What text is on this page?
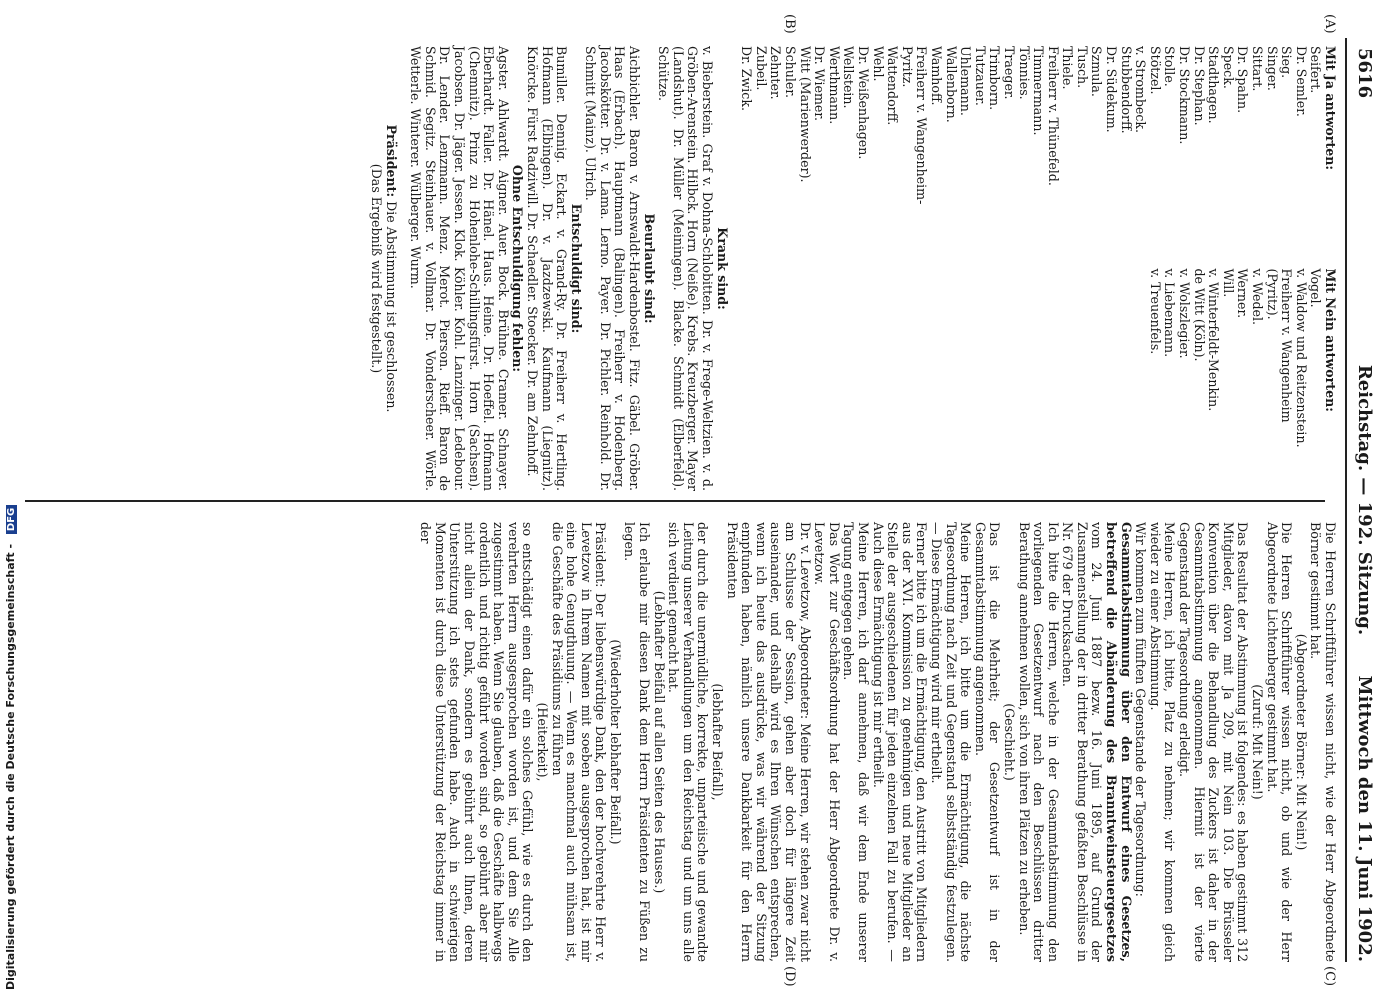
5616
Reichstag. — 192. Sitzung.
Mittwoch den 11. Juni 1902.
(A)
(B)
(C)
(D)
Mit Ja antworten:
Seifert.
Dr. Semler.
Sieg.
Singer.
Sittart.
Dr. Spahn.
Speck.
Stadthagen.
Dr. Stephan.
Dr. Stockmann.
Stolle.
Stötzel.
v. Strombeck.
Stubbendorff.
Dr. Südekum.
Szmula.
Tusch.
Thiele.
Freiherr v. Thünefeld.
Timmermann.
Tönnies.
Traeger.
Trimborn.
Tutzauer.
Uhlemann.
Wallenborn.
Wamhoff.
Freiherr v. Wangenheim-
Pyritz.
Wattendorff.
Wehl.
Dr. Weißenhagen.
Wellstein.
Werthmann.
Dr. Wiemer.
Witt (Marienwerder).
Schuler.
Zehnter.
Zubeil.
Dr. Zwick.
Mit Nein antworten:
Vogel.
v. Waldow und Reitzenstein.
Freiherr v. Wangenheim
(Pyritz).
v. Wedel.
Werner.
Will.
v. Winterfeldt-Menkin.
de Witt (Köln).
v. Wolszlegier.
v. Liebemann.
v. Treuenfels.
Krank sind:
v. Bieberstein. Graf v. Dohna-Schlobitten. Dr. v. Frege-Weltzien. v. d. Gröben-Arenstein. Hilbck. Horn (Neiße). Krebs. Kreuzberger. Mayer (Landshut). Dr. Müller (Meiningen). Blacke. Schmidt (Elberfeld). Schütze.
Beurlaubt sind:
Aichbichler. Baron v. Arnswaldt-Hardenbostel. Fitz. Gäbel. Gröber. Haas (Erbach). Hauptmann (Balingen). Freiherr v. Hodenberg. Jacobskötter. Dr. v. Lama. Lerno. Payer. Dr. Pichler. Reinhold. Dr. Schmitt (Mainz). Ulrich.
Entschuldigt sind:
Bumiller. Dennig. Eckart. v. Grand-Ry. Dr. Freiherr v. Hertling. Hofmann (Elbingen). Dr. v. Jazdzewski. Kaufmann (Liegnitz). Knörcke. Fürst Radziwill. Dr. Schaedler. Stoecker. Dr. am Zehnhoff.
Ohne Entschuldigung fehlen:
Agster. Ahlwardt. Aigner. Auer. Bock. Brühne. Cramer. Schnayer. Eberhardt. Faller. Dr. Hänel. Haus. Heine. Dr. Hoeffel. Hofmann (Chemnitz). Prinz zu Hohenlohe-Schillingsfürst. Horn (Sachsen). Jacobsen. Dr. Jäger. Jessen. Klok. Köhler. Kohl. Lanzinger. Ledebour. Dr. Lender. Lenzmann. Menz. Merot. Pierson. Rieff. Baron de Schmid. Segitz. Steinhauer. v. Vollmar. Dr. Vonderscheer. Wörle. Wetterle. Winterer. Wülberger. Wurm.
Präsident: Die Abstimmung ist geschlossen.
(Das Ergebniß wird festgestellt.)
Die Herren Schriftführer wissen nicht, wie der Herr Abgeordnete Börner gestimmt hat.
(Abgeordneter Börner: Mit Nein!)
Die Herren Schriftführer wissen nicht, ob und wie der Herr Abgeordnete Lichtenberger gestimmt hat.
(Zuruf: Mit Nein!)
Das Resultat der Abstimmung ist folgendes: es haben gestimmt 312 Mitglieder, davon mit Ja 209, mit Nein 103. Die Brüsseler Konvention über die Behandlung des Zuckers ist daher in der Gesammtabstimmung angenommen. Hiermit ist der vierte Gegenstand der Tagesordnung erledigt.
Meine Herren, ich bitte, Platz zu nehmen; wir kommen gleich wieder zu einer Abstimmung.
Wir kommen zum fünften Gegenstande der Tagesordnung:
Gesammtabstimmung über den Entwurf eines Gesetzes, betreffend die Abänderung des Branntweinsteuergesetzes vom 24. Juni 1887 bezw. 16. Juni 1895, auf Grund der Zusammenstellung der in dritter Berathung gefaßten Beschlüsse in Nr. 679 der Drucksachen.
Ich bitte die Herren, welche in der Gesammtabstimmung den vorliegenden Gesetzentwurf nach den Beschlüssen dritter Berathung annehmen wollen, sich von ihren Plätzen zu erheben.
(Geschieht.)
Das ist die Mehrheit; der Gesetzentwurf ist in der Gesammtabstimmung angenommen.
Meine Herren, ich bitte um die Ermächtigung, die nächste Tagesordnung nach Zeit und Gegenstand selbstständig festzulegen. — Diese Ermächtigung wird mir ertheilt.
Ferner bitte ich um die Ermächtigung, den Austritt von Mitgliedern aus der XVI. Kommission zu genehmigen und neue Mitglieder an Stelle der ausgeschiedenen für jeden einzelnen Fall zu berufen. — Auch diese Ermächtigung ist mir ertheilt.
Meine Herren, ich darf annehmen, daß wir dem Ende unserer Tagung entgegen gehen.
Das Wort zur Geschäftsordnung hat der Herr Abgeordnete Dr. v. Levetzow.
Dr. v. Levetzow, Abgeordneter: Meine Herren, wir stehen zwar nicht am Schlusse der Session, gehen aber doch für längere Zeit auseinander, und deshalb wird es Ihren Wünschen entsprechen, wenn ich heute das ausdrücke, was wir während der Sitzung empfunden haben, nämlich unsere Dankbarkeit für den Herrn Präsidenten
(lebhafter Beifall),
der durch die unermüdliche, korrekte, unparteiische und gewandte Leitung unserer Verhandlungen um den Reichstag und um uns alle sich verdient gemacht hat.
(Lebhafter Beifall auf allen Seiten des Hauses.)
Ich erlaube mir diesen Dank dem Herrn Präsidenten zu Füßen zu legen.
(Wiederholter lebhafter Beifall.)
Präsident: Der liebenswürdige Dank, den der hochverehrte Herr v. Levetzow in Ihrem Namen mit soeben ausgesprochen hat, ist mir eine hohe Genugthuung. — Wenn es manchmal auch mühsam ist, die Geschäfte des Präsidiums zu führen
(Heiterkeit),
so entschädigt einen dafür ein solches Gefühl, wie es durch den verehrten Herrn ausgesprochen worden ist, und dem Sie Alle zugestimmt haben. Wenn Sie glauben, daß die Geschäfte halbwegs ordentlich und richtig geführt worden sind, so gebührt aber mir nicht allein der Dank, sondern es gebührt auch Ihnen, deren Unterstützung ich stets gefunden habe. Auch in schwierigen Momenten ist durch diese Unterstützung der Reichstag immer in der
Digitalisierung gefördert durch die Deutsche Forschungsgemeinschaft - DFG
